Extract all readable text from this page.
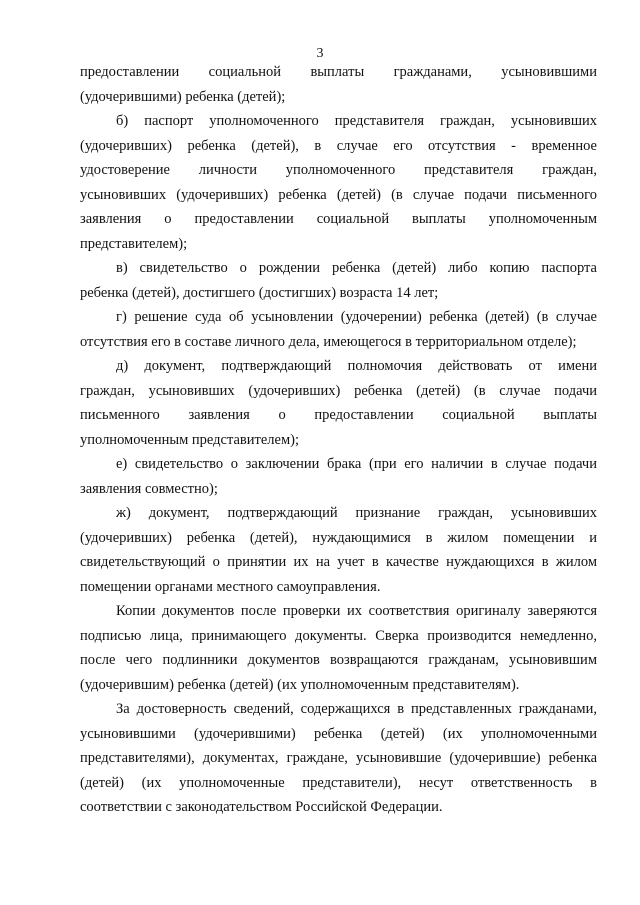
3
предоставлении социальной выплаты гражданами, усыновившими
(удочерившими) ребенка (детей);
б) паспорт уполномоченного представителя граждан, усыновивших
(удочеривших) ребенка (детей), в случае его отсутствия - временное
удостоверение личности уполномоченного представителя граждан,
усыновивших (удочеривших) ребенка (детей) (в случае подачи письменного
заявления о предоставлении социальной выплаты уполномоченным
представителем);
в) свидетельство о рождении ребенка (детей) либо копию паспорта
ребенка (детей), достигшего (достигших) возраста 14 лет;
г) решение суда об усыновлении (удочерении) ребенка (детей) (в случае
отсутствия его в составе личного дела, имеющегося в территориальном отделе);
д) документ, подтверждающий полномочия действовать от имени
граждан, усыновивших (удочеривших) ребенка (детей) (в случае подачи
письменного заявления о предоставлении социальной выплаты
уполномоченным представителем);
е) свидетельство о заключении брака (при его наличии в случае подачи
заявления совместно);
ж) документ, подтверждающий признание граждан, усыновивших
(удочеривших) ребенка (детей), нуждающимися в жилом помещении и
свидетельствующий о принятии их на учет в качестве нуждающихся в жилом
помещении органами местного самоуправления.
Копии документов после проверки их соответствия оригиналу заверяются
подписью лица, принимающего документы. Сверка производится немедленно,
после чего подлинники документов возвращаются гражданам, усыновившим
(удочерившим) ребенка (детей) (их уполномоченным представителям).
За достоверность сведений, содержащихся в представленных гражданами,
усыновившими (удочерившими) ребенка (детей) (их уполномоченными
представителями), документах, граждане, усыновившие (удочерившие) ребенка
(детей) (их уполномоченные представители), несут ответственность в
соответствии с законодательством Российской Федерации.
